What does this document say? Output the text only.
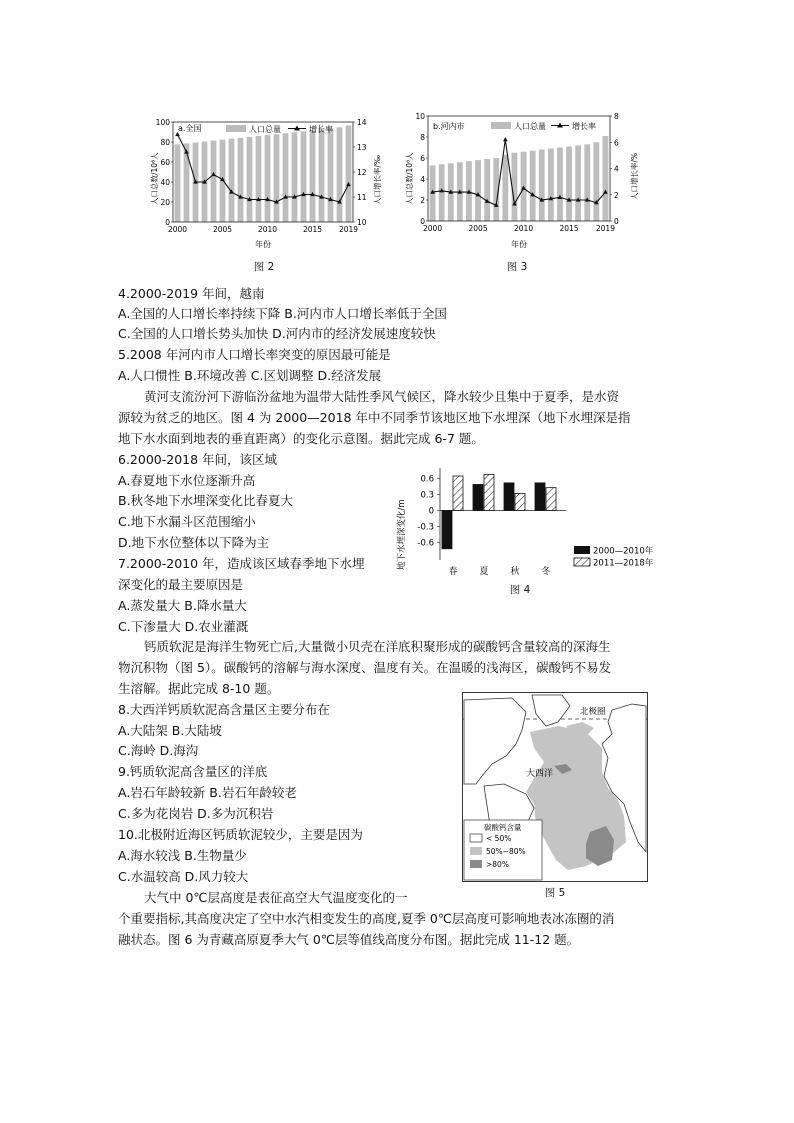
0
20
40
60
80
100
10
11
12
13
14
2000	2005	2010	2015 2019
a.全国	人口总量	增长率
人口总数/10⁶人	人口增长率/‰
年份
图 2
0
2
4
6
8
10
0
2
4
6
8
2000	2005	2010	2015 2019
b.河内市	人口总量	增长率
人口总数/10⁶人	人口增长率/%
年份
图 3
4.2000-2019 年间，越南
A.全国的人口增长率持续下降 B.河内市人口增长率低于全国
C.全国的人口增长势头加快 D.河内市的经济发展速度较快
5.2008 年河内市人口增长率突变的原因最可能是
A.人口惯性 B.环境改善 C.区划调整 D.经济发展
黄河支流汾河下游临汾盆地为温带大陆性季风气候区，降水较少且集中于夏季，是水资
源较为贫乏的地区。图 4 为 2000—2018 年中不同季节该地区地下水埋深（地下水埋深是指
地下水水面到地表的垂直距离）的变化示意图。据此完成 6-7 题。
6.2000-2018 年间，该区域
A.春夏地下水位逐渐升高
B.秋冬地下水埋深变化比春夏大
C.地下水漏斗区范围缩小
D.地下水位整体以下降为主
7.2000-2010 年，造成该区域春季地下水埋
深变化的最主要原因是
A.蒸发量大 B.降水量大
C.下渗量大 D.农业灌溉
地下水埋深变化/m
0.6
0.3
0
-0.3
-0.6
春 夏 秋 冬
2000—2010年
2011—2018年
图 4
钙质软泥是海洋生物死亡后,大量微小贝壳在洋底积聚形成的碳酸钙含量较高的深海生
物沉积物（图 5）。碳酸钙的溶解与海水深度、温度有关。在温暖的浅海区，碳酸钙不易发
生溶解。据此完成 8-10 题。
8.大西洋钙质软泥高含量区主要分布在
A.大陆架 B.大陆坡
C.海岭 D.海沟
9.钙质软泥高含量区的洋底
A.岩石年龄较新 B.岩石年龄较老
C.多为花岗岩 D.多为沉积岩
10.北极附近海区钙质软泥较少，主要是因为
A.海水较浅 B.生物量少
C.水温较高 D.风力较大
北极圈
大西洋
碳酸钙含量
< 50%
50%~80%
>80%
图 5
大气中 0℃层高度是表征高空大气温度变化的一
个重要指标,其高度决定了空中水汽相变发生的高度,夏季 0℃层高度可影响地表冰冻圈的消
融状态。图 6 为青藏高原夏季大气 0℃层等值线高度分布图。据此完成 11-12 题。
